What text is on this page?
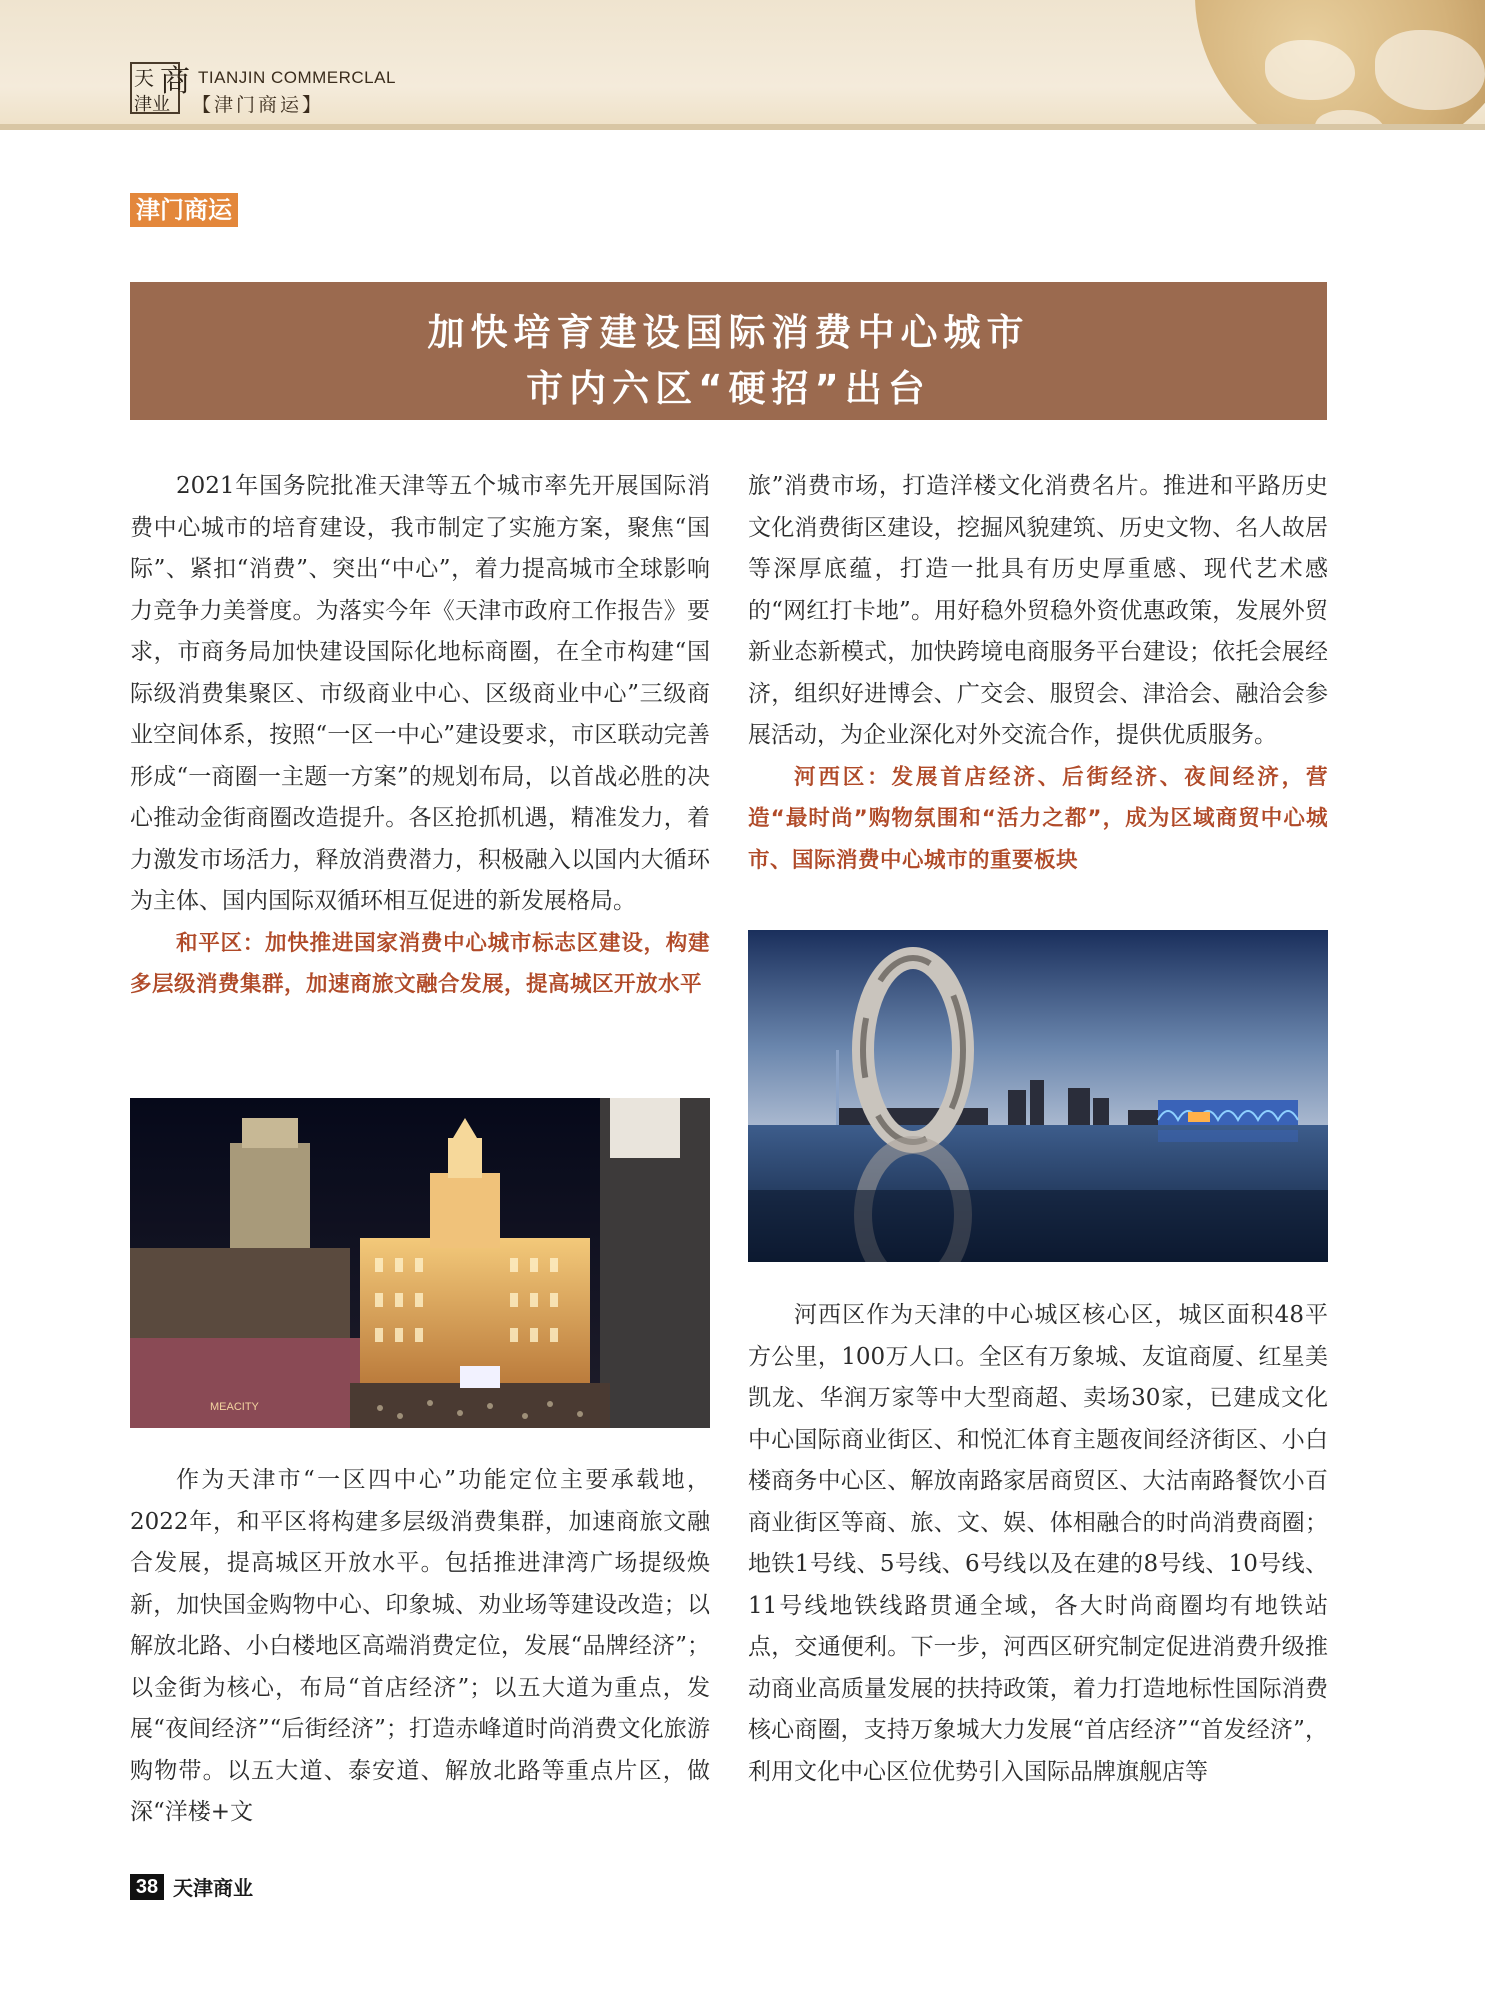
天 商
津业
TIANJIN COMMERCLAL
【津门商运】
津门商运
加快培育建设国际消费中心城市
市内六区“硬招”出台

2021年国务院批准天津等五个城市率先开展国际消费中心城市的培育建设，我市制定了实施方案，聚焦“国际”、紧扣“消费”、突出“中心”，着力提高城市全球影响力竞争力美誉度。为落实今年《天津市政府工作报告》要求，市商务局加快建设国际化地标商圈，在全市构建“国际级消费集聚区、市级商业中心、区级商业中心”三级商业空间体系，按照“一区一中心”建设要求，市区联动完善形成“一商圈一主题一方案”的规划布局，以首战必胜的决心推动金街商圈改造提升。各区抢抓机遇，精准发力，着力激发市场活力，释放消费潜力，积极融入以国内大循环为主体、国内国际双循环相互促进的新发展格局。

和平区：加快推进国家消费中心城市标志区建设，构建多层级消费集群，加速商旅文融合发展，提高城区开放水平

MEACITY

作为天津市“一区四中心”功能定位主要承载地，2022年，和平区将构建多层级消费集群，加速商旅文融合发展，提高城区开放水平。包括推进津湾广场提级焕新，加快国金购物中心、印象城、劝业场等建设改造；以解放北路、小白楼地区高端消费定位，发展“品牌经济”；以金街为核心，布局“首店经济”；以五大道为重点，发展“夜间经济”“后街经济”；打造赤峰道时尚消费文化旅游购物带。以五大道、泰安道、解放北路等重点片区，做深“洋楼+文

旅”消费市场，打造洋楼文化消费名片。推进和平路历史文化消费街区建设，挖掘风貌建筑、历史文物、名人故居等深厚底蕴，打造一批具有历史厚重感、现代艺术感的“网红打卡地”。用好稳外贸稳外资优惠政策，发展外贸新业态新模式，加快跨境电商服务平台建设；依托会展经济，组织好进博会、广交会、服贸会、津洽会、融洽会参展活动，为企业深化对外交流合作，提供优质服务。

河西区：发展首店经济、后街经济、夜间经济，营造“最时尚”购物氛围和“活力之都”，成为区域商贸中心城市、国际消费中心城市的重要板块

河西区作为天津的中心城区核心区，城区面积48平方公里，100万人口。全区有万象城、友谊商厦、红星美凯龙、华润万家等中大型商超、卖场30家，已建成文化中心国际商业街区、和悦汇体育主题夜间经济街区、小白楼商务中心区、解放南路家居商贸区、大沽南路餐饮小百商业街区等商、旅、文、娱、体相融合的时尚消费商圈；地铁1号线、5号线、6号线以及在建的8号线、10号线、11号线地铁线路贯通全域，各大时尚商圈均有地铁站点，交通便利。下一步，河西区研究制定促进消费升级推动商业高质量发展的扶持政策，着力打造地标性国际消费核心商圈，支持万象城大力发展“首店经济”“首发经济”，利用文化中心区位优势引入国际品牌旗舰店等

38 天津商业
